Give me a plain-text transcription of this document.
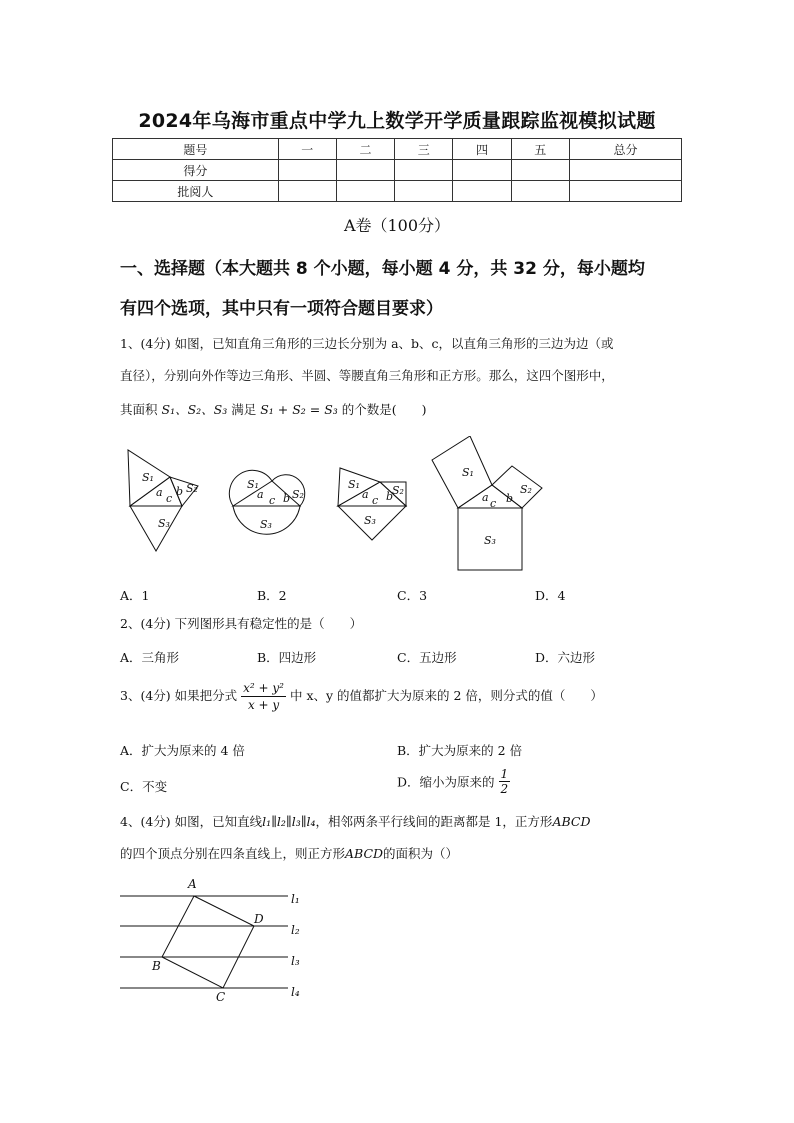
2024年乌海市重点中学九上数学开学质量跟踪监视模拟试题
题号	一	二	三	四	五	总分
得分						
批阅人						
A卷（100分）
一、选择题（本大题共 8 个小题，每小题 4 分，共 32 分，每小题均
有四个选项，其中只有一项符合题目要求）
1、(4分) 如图，已知直角三角形的三边长分别为 a、b、c，以直角三角形的三边为边（或
直径），分别向外作等边三角形、半圆、等腰直角三角形和正方形。那么，这四个图形中，
其面积 S₁、S₂、S₃ 满足 S₁ + S₂ = S₃ 的个数是(　　)
S₁
S₂
S₃
a c
b
S₁
S₂
S₃
a c b
S₁	S₂
S₃
a c b
S₁
S₂
S₃
a c b
A．1	B．2	C．3	D．4
2、(4分) 下列图形具有稳定性的是（　　）
A．三角形	B．四边形	C．五边形	D．六边形
3、(4分) 如果把分式 $\frac{\text{x² + y²}}{x + y}$ 中 x、y 的值都扩大为原来的 2 倍，则分式的值（　　）
A．扩大为原来的 4 倍	B．扩大为原来的 2 倍
C．不变	D．缩小为原来的 $\frac{1}{2}$
4、(4分) 如图，已知直线l₁∥l₂∥l₃∥l₄，相邻两条平行线间的距离都是 1，正方形ABCD
的四个顶点分别在四条直线上，则正方形ABCD的面积为（）
A
D
B
C
l₁
l₂
l₃
l₄
